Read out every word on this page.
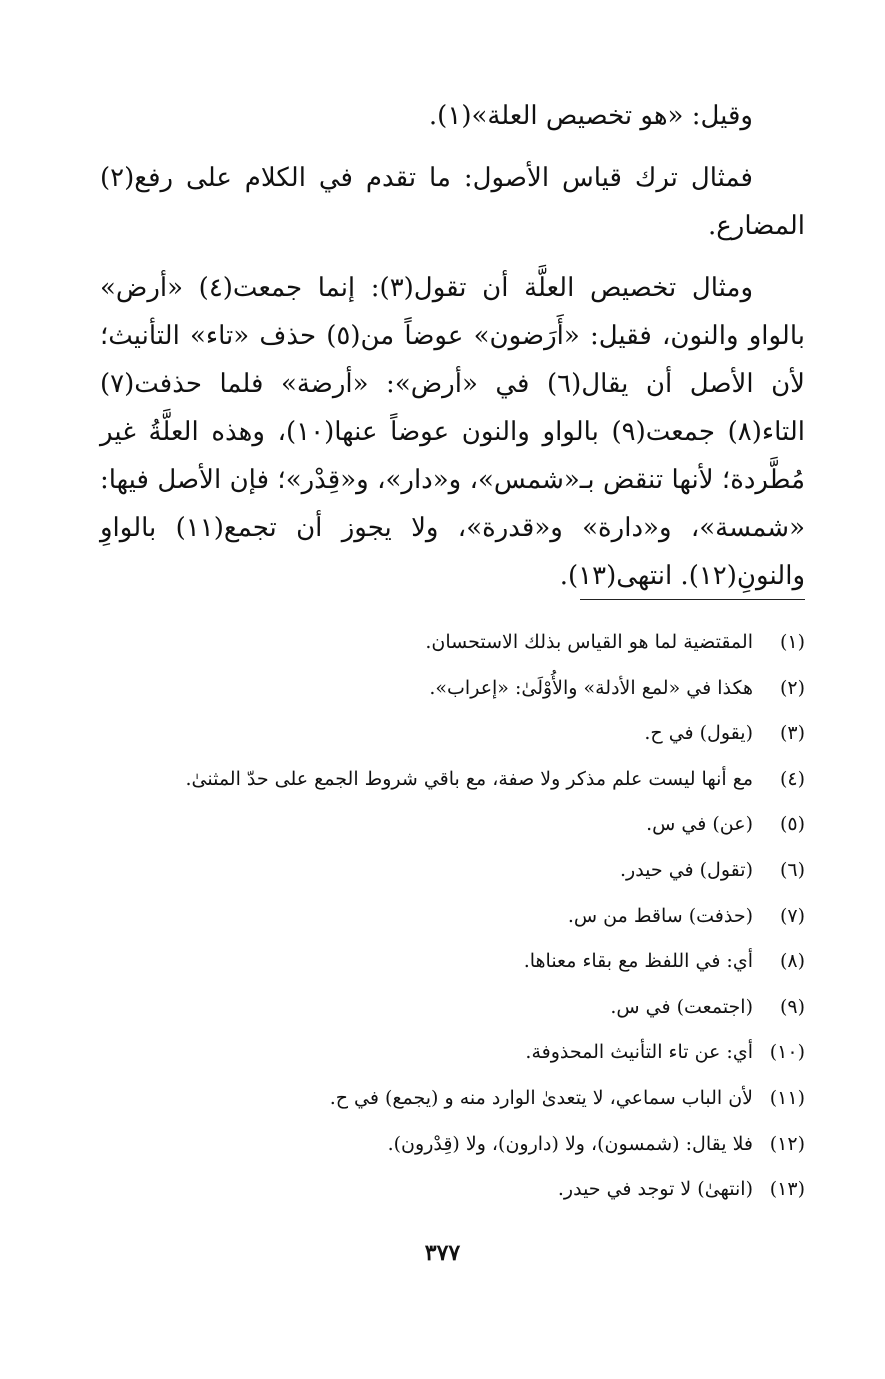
وقيل: «هو تخصيص العلة»(١).

فمثال ترك قياس الأصول: ما تقدم في الكلام على رفع(٢) المضارع.

ومثال تخصيص العلَّة أن تقول(٣): إنما جمعت(٤) «أرض» بالواو والنون، فقيل: «أَرَضون» عوضاً من(٥) حذف «تاء» التأنيث؛ لأن الأصل أن يقال(٦) في «أرض»: «أرضة» فلما حذفت(٧) التاء(٨) جمعت(٩) بالواو والنون عوضاً عنها(١٠)، وهذه العلَّةُ غير مُطَّردة؛ لأنها تنقض بـ«شمس»، و«دار»، و«قِدْر»؛ فإن الأصل فيها: «شمسة»، و«دارة» و«قدرة»، ولا يجوز أن تجمع(١١) بالواوِ والنونِ(١٢). انتهى(١٣).

(١)
المقتضية لما هو القياس بذلك الاستحسان.
(٢)
هكذا في «لمع الأدلة» والأُوْلَىٰ: «إعراب».
(٣)
(يقول) في ح.
(٤)
مع أنها ليست علم مذكر ولا صفة، مع باقي شروط الجمع على حدّ المثنىٰ.
(٥)
(عن) في س.
(٦)
(تقول) في حيدر.
(٧)
(حذفت) ساقط من س.
(٨)
أي: في اللفظ مع بقاء معناها.
(٩)
(اجتمعت) في س.
(١٠)
أي: عن تاء التأنيث المحذوفة.
(١١)
لأن الباب سماعي، لا يتعدىٰ الوارد منه و (يجمع) في ح.
(١٢)
فلا يقال: (شمسون)، ولا (دارون)، ولا (قِدْرون).
(١٣)
(انتهىٰ) لا توجد في حيدر.
٣٧٧
